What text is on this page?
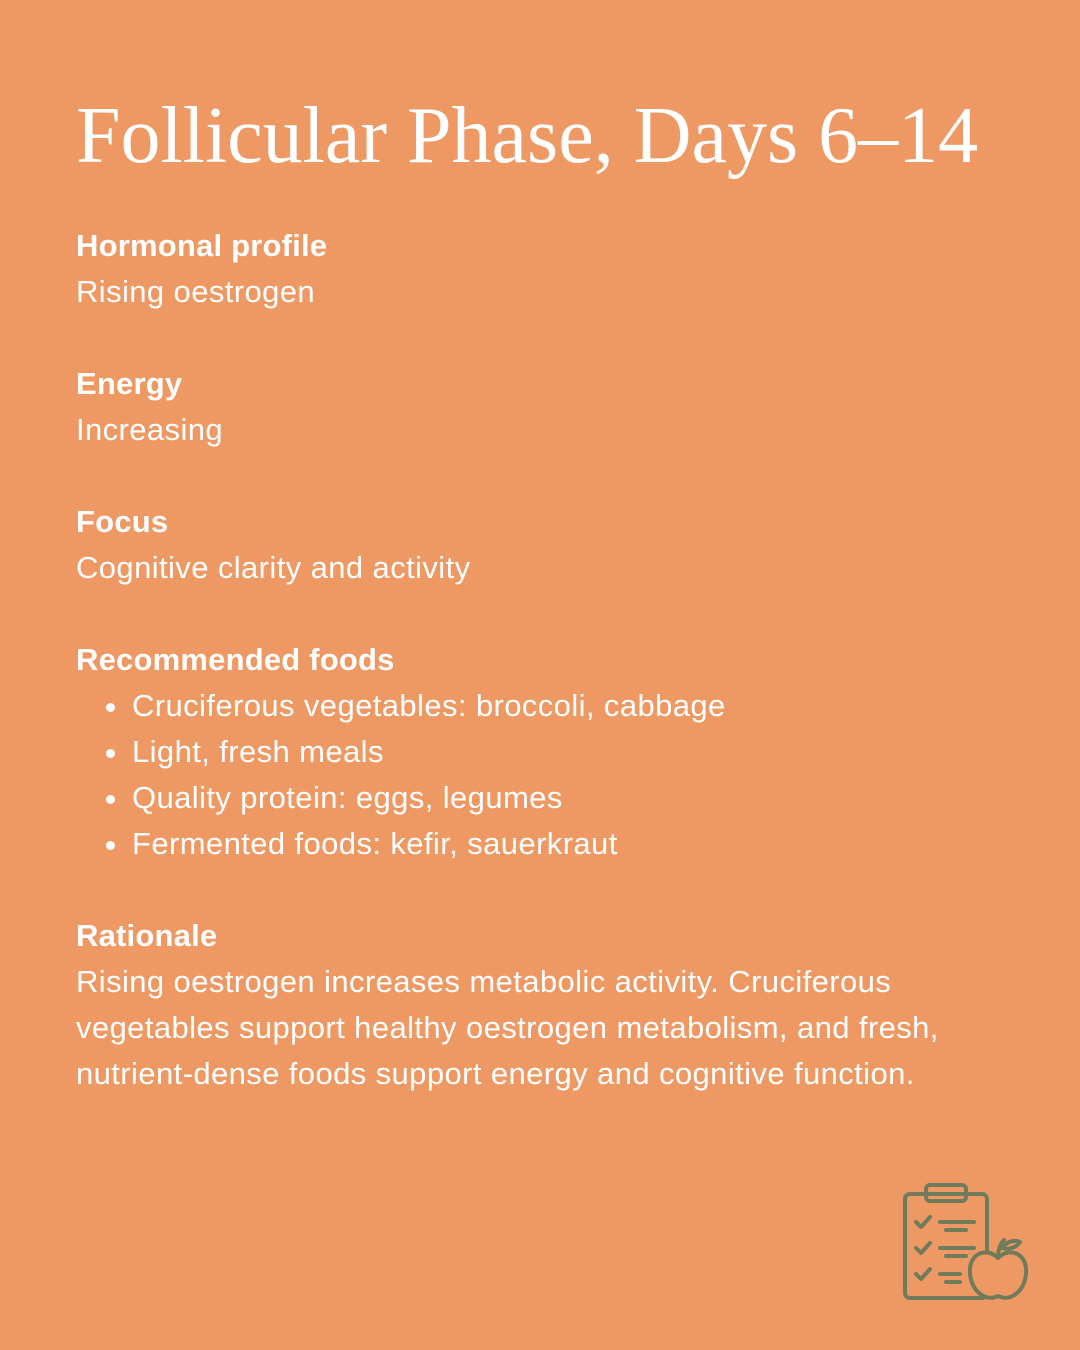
Follicular Phase, Days 6–14
Hormonal profile
Rising oestrogen
Energy
Increasing
Focus
Cognitive clarity and activity
Recommended foods
Cruciferous vegetables: broccoli, cabbage
Light, fresh meals
Quality protein: eggs, legumes
Fermented foods: kefir, sauerkraut
Rationale
Rising oestrogen increases metabolic activity. Cruciferous vegetables support healthy oestrogen metabolism, and fresh, nutrient-dense foods support energy and cognitive function.
